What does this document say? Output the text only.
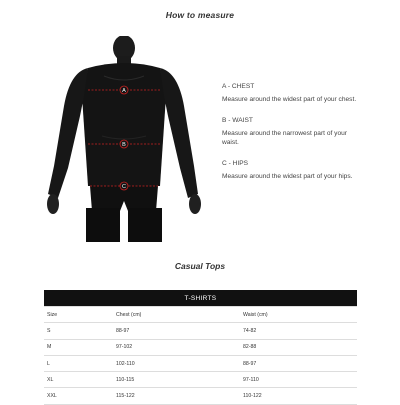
How to measure
A
B
C
A - CHEST
Measure around the widest part of your chest.
B - WAIST
Measure around the narrowest part of your waist.
C - HIPS
Measure around the widest part of your hips.
Casual Tops
T-SHIRTS		
Size	Chest (cm)	Waist (cm)
S	88-97	74-82
M	97-102	82-88
L	102-110	88-97
XL	110-115	97-110
XXL	115-122	110-122
